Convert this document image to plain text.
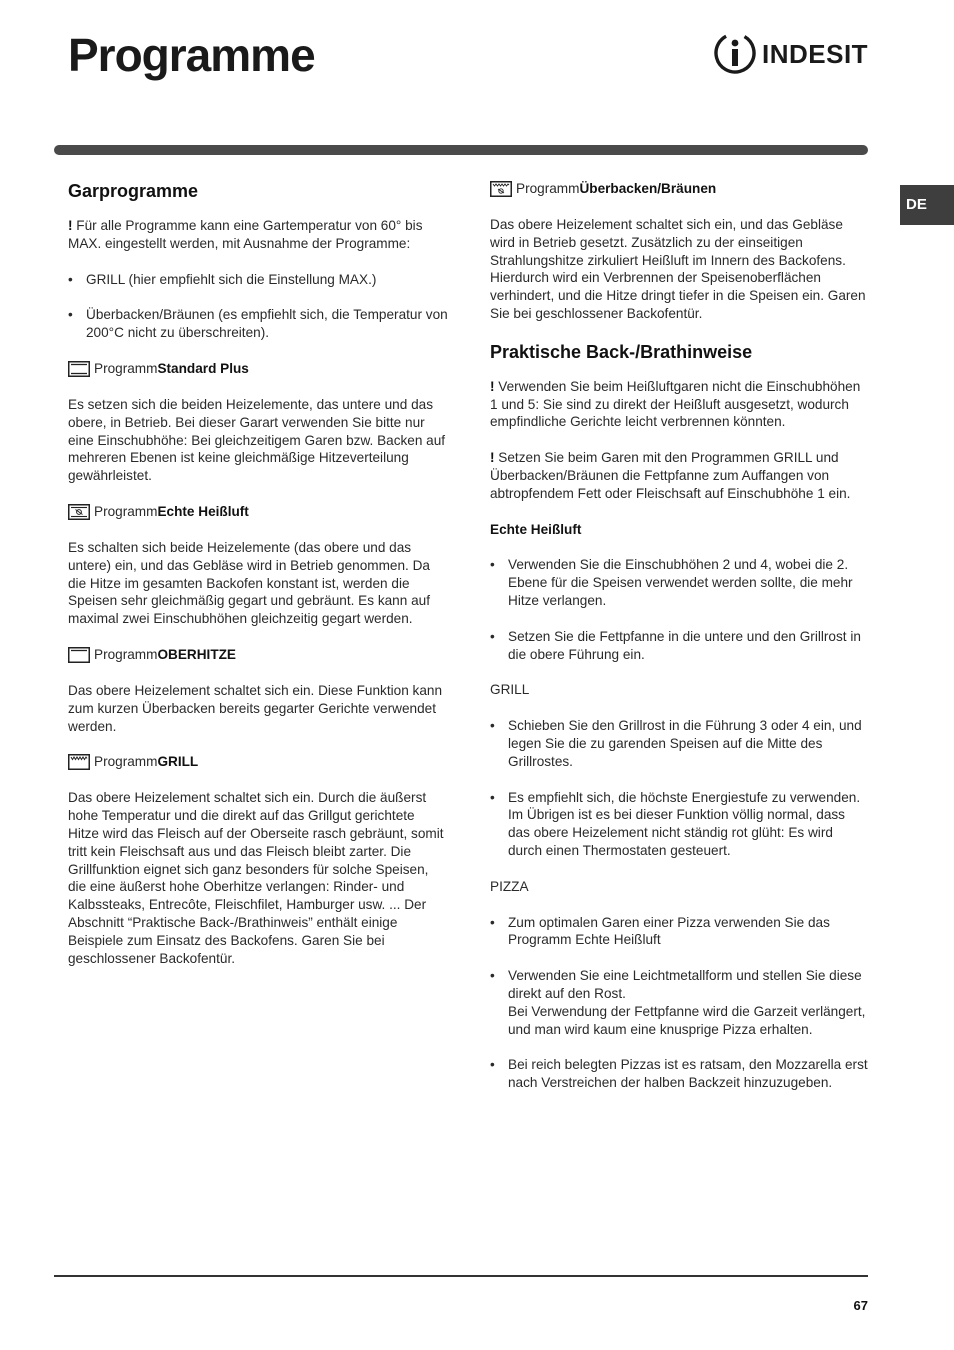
Programme	INDESIT
DE
Garprogramme

! Für alle Programme kann eine Gartemperatur von 60° bis MAX. eingestellt werden, mit Ausnahme der Programme:

• GRILL (hier empfiehlt sich die Einstellung MAX.)
• Überbacken/Bräunen (es empfiehlt sich, die Temperatur von 200°C nicht zu überschreiten).
Programm Standard Plus

Es setzen sich die beiden Heizelemente, das untere und das obere, in Betrieb. Bei dieser Garart verwenden Sie bitte nur eine Einschubhöhe: Bei gleichzeitigem Garen bzw. Backen auf mehreren Ebenen ist keine gleichmäßige Hitzeverteilung gewährleistet.

Programm Echte Heißluft

Es schalten sich beide Heizelemente (das obere und das untere) ein, und das Gebläse wird in Betrieb genommen. Da die Hitze im gesamten Backofen konstant ist, werden die Speisen sehr gleichmäßig gegart und gebräunt. Es kann auf maximal zwei Einschubhöhen gleichzeitig gegart werden.

Programm OBERHITZE

Das obere Heizelement schaltet sich ein. Diese Funktion kann zum kurzen Überbacken bereits gegarter Gerichte verwendet werden.

Programm GRILL

Das obere Heizelement schaltet sich ein. Durch die äußerst hohe Temperatur und die direkt auf das Grillgut gerichtete Hitze wird das Fleisch auf der Oberseite rasch gebräunt, somit tritt kein Fleischsaft aus und das Fleisch bleibt zarter. Die Grillfunktion eignet sich ganz besonders für solche Speisen, die eine äußerst hohe Oberhitze verlangen: Rinder- und Kalbssteaks, Entrecôte, Fleischfilet, Hamburger usw. ... Der Abschnitt “Praktische Back-/Brathinweis” enthält einige Beispiele zum Einsatz des Backofens. Garen Sie bei geschlossener Backofentür.

Programm Überbacken/Bräunen

Das obere Heizelement schaltet sich ein, und das Gebläse wird in Betrieb gesetzt. Zusätzlich zu der einseitigen Strahlungshitze zirkuliert Heißluft im Innern des Backofens. Hierdurch wird ein Verbrennen der Speisenoberflächen verhindert, und die Hitze dringt tiefer in die Speisen ein. Garen Sie bei geschlossener Backofentür.

Praktische Back-/Brathinweise

! Verwenden Sie beim Heißluftgaren nicht die Einschubhöhen 1 und 5: Sie sind zu direkt der Heißluft ausgesetzt, wodurch empfindliche Gerichte leicht verbrennen könnten.

! Setzen Sie beim Garen mit den Programmen GRILL und Überbacken/Bräunen die Fettpfanne zum Auffangen von abtropfendem Fett oder Fleischsaft auf Einschubhöhe 1 ein.

Echte Heißluft
• Verwenden Sie die Einschubhöhen 2 und 4, wobei die 2. Ebene für die Speisen verwendet werden sollte, die mehr Hitze verlangen.
• Setzen Sie die Fettpfanne in die untere und den Grillrost in die obere Führung ein.
GRILL
• Schieben Sie den Grillrost in die Führung 3 oder 4 ein, und legen Sie die zu garenden Speisen auf die Mitte des Grillrostes.
• Es empfiehlt sich, die höchste Energiestufe zu verwenden. Im Übrigen ist es bei dieser Funktion völlig normal, dass das obere Heizelement nicht ständig rot glüht: Es wird durch einen Thermostaten gesteuert.
PIZZA
• Zum optimalen Garen einer Pizza verwenden Sie das Programm Echte Heißluft
• Verwenden Sie eine Leichtmetallform und stellen Sie diese direkt auf den Rost.
Bei Verwendung der Fettpfanne wird die Garzeit verlängert, und man wird kaum eine knusprige Pizza erhalten.
• Bei reich belegten Pizzas ist es ratsam, den Mozzarella erst nach Verstreichen der halben Backzeit hinzuzugeben.
67
